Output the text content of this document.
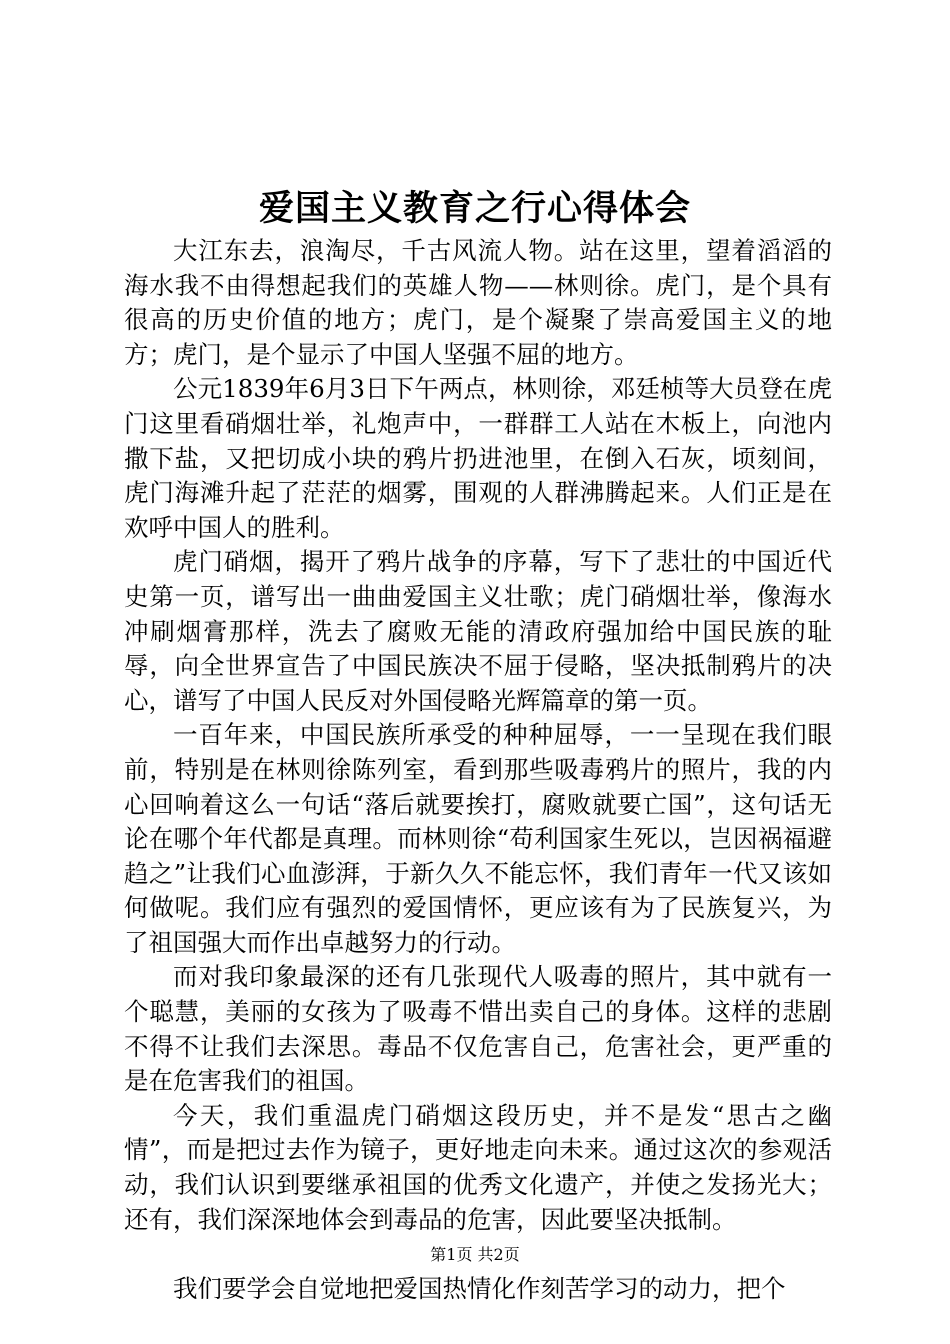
爱国主义教育之行心得体会

大江东去，浪淘尽，千古风流人物。站在这里，望着滔滔的海水我不由得想起我们的英雄人物——林则徐。虎门，是个具有很高的历史价值的地方；虎门，是个凝聚了崇高爱国主义的地方；虎门，是个显示了中国人坚强不屈的地方。

公元1839年6月3日下午两点，林则徐，邓廷桢等大员登在虎门这里看硝烟壮举，礼炮声中，一群群工人站在木板上，向池内撒下盐，又把切成小块的鸦片扔进池里，在倒入石灰，顷刻间，虎门海滩升起了茫茫的烟雾，围观的人群沸腾起来。人们正是在欢呼中国人的胜利。

虎门硝烟，揭开了鸦片战争的序幕，写下了悲壮的中国近代史第一页，谱写出一曲曲爱国主义壮歌；虎门硝烟壮举，像海水冲刷烟膏那样，洗去了腐败无能的清政府强加给中国民族的耻辱，向全世界宣告了中国民族决不屈于侵略，坚决抵制鸦片的决心，谱写了中国人民反对外国侵略光辉篇章的第一页。

一百年来，中国民族所承受的种种屈辱，一一呈现在我们眼前，特别是在林则徐陈列室，看到那些吸毒鸦片的照片，我的内心回响着这么一句话“落后就要挨打，腐败就要亡国”，这句话无论在哪个年代都是真理。而林则徐“苟利国家生死以，岂因祸福避趋之”让我们心血澎湃，于新久久不能忘怀，我们青年一代又该如何做呢。我们应有强烈的爱国情怀，更应该有为了民族复兴，为了祖国强大而作出卓越努力的行动。

而对我印象最深的还有几张现代人吸毒的照片，其中就有一个聪慧，美丽的女孩为了吸毒不惜出卖自己的身体。这样的悲剧不得不让我们去深思。毒品不仅危害自己，危害社会，更严重的是在危害我们的祖国。

今天，我们重温虎门硝烟这段历史，并不是发“思古之幽情”，而是把过去作为镜子，更好地走向未来。通过这次的参观活动，我们认识到要继承祖国的优秀文化遗产，并使之发扬光大；还有，我们深深地体会到毒品的危害，因此要坚决抵制。

我们要学会自觉地把爱国热情化作刻苦学习的动力，把个

第1页 共2页
